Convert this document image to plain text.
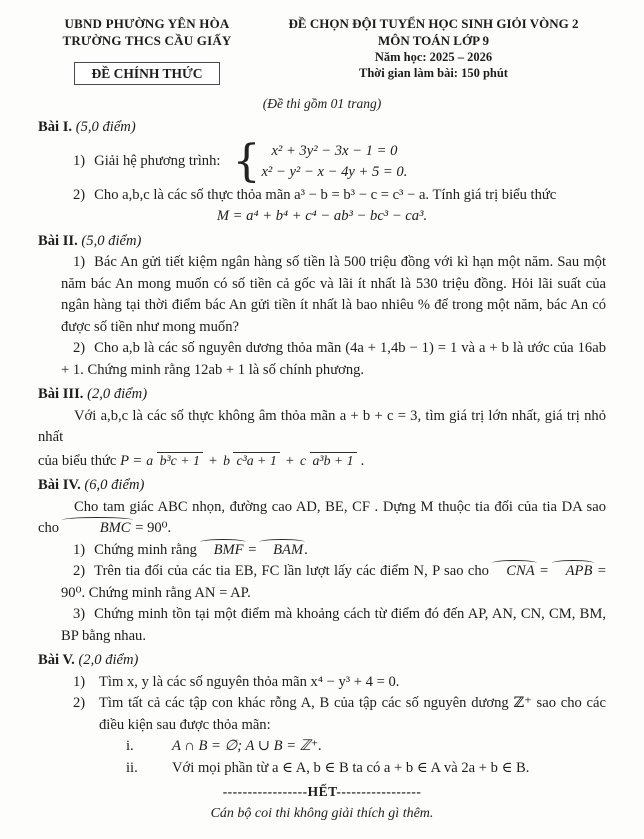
UBND PHƯỜNG YÊN HÒA
TRƯỜNG THCS CẦU GIẤY
ĐỀ CHÍNH THỨC
ĐỀ CHỌN ĐỘI TUYỂN HỌC SINH GIỎI VÒNG 2
MÔN TOÁN LỚP 9
Năm học: 2025 – 2026
Thời gian làm bài: 150 phút
(Đề thi gồm 01 trang)
Bài I. (5,0 điểm)
1) Giải hệ phương trình: { x² + 3y² − 3x − 1 = 0
x² − y² − x − 4y + 5 = 0.
2) Cho a,b,c là các số thực thỏa mãn a³ − b = b³ − c = c³ − a. Tính giá trị biểu thức
M = a⁴ + b⁴ + c⁴ − ab³ − bc³ − ca³.
Bài II. (5,0 điểm)
1) Bác An gửi tiết kiệm ngân hàng số tiền là 500 triệu đồng với kì hạn một năm. Sau một năm bác An mong muốn có số tiền cả gốc và lãi ít nhất là 530 triệu đồng. Hỏi lãi suất của ngân hàng tại thời điểm bác An gửi tiền ít nhất là bao nhiêu % để trong một năm, bác An có được số tiền như mong muốn?
2) Cho a,b là các số nguyên dương thỏa mãn (4a + 1,4b − 1) = 1 và a + b là ước của 16ab + 1. Chứng minh rằng 12ab + 1 là số chính phương.
Bài III. (2,0 điểm)
Với a,b,c là các số thực không âm thỏa mãn a + b + c = 3, tìm giá trị lớn nhất, giá trị nhỏ nhất
của biểu thức
P = a b³c + 1 + b c³a + 1 + c a³b + 1 .
Bài IV. (6,0 điểm)
Cho tam giác ABC nhọn, đường cao AD, BE, CF . Dựng M thuộc tia đối của tia DA sao cho	BMC = 90⁰.
1) Chứng minh rằng BMF = BAM.
2) Trên tia đối của các tia EB, FC lần lượt lấy các điểm N, P sao cho CNA = APB = 90⁰. Chứng minh rằng AN = AP.
3) Chứng minh tồn tại một điểm mà khoảng cách từ điểm đó đến AP, AN, CN, CM, BM, BP bằng nhau.
Bài V. (2,0 điểm)
1) Tìm x, y là các số nguyên thỏa mãn x⁴ − y³ + 4 = 0.
2) Tìm tất cả các tập con khác rỗng A, B của tập các số nguyên dương ℤ⁺ sao cho các điều kiện sau được thỏa mãn:
i.	A ∩ B = ∅; A ∪ B = ℤ⁺.
ii.	Với mọi phần từ a ∈ A, b ∈ B ta có a + b ∈ A và 2a + b ∈ B.
-----------------HẾT-----------------
Cán bộ coi thi không giải thích gì thêm.
